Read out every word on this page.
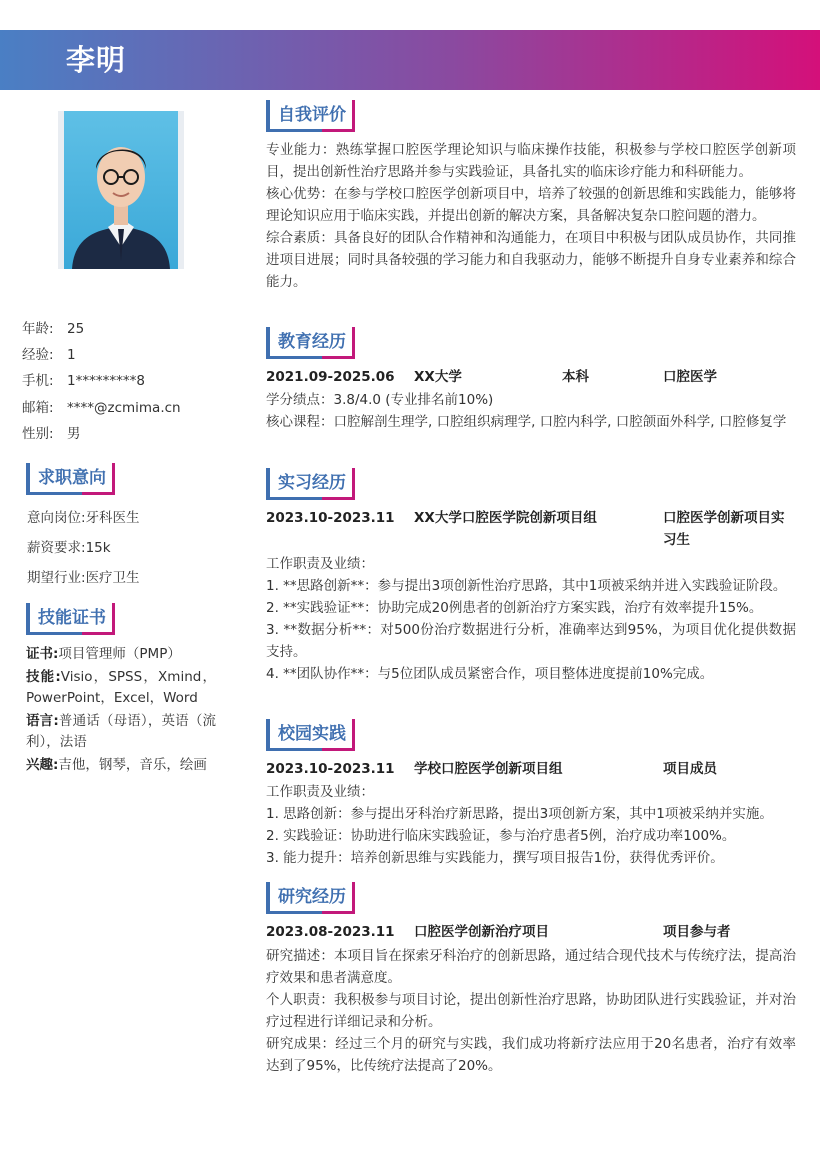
李明
年龄: 25
经验: 1
手机: 1*********8
邮箱: ****@zcmima.cn
性别: 男
求职意向
意向岗位:牙科医生
薪资要求:15k
期望行业:医疗卫生
技能证书
证书:项目管理师（PMP）
技能:Visio，SPSS，Xmind，PowerPoint，Excel，Word
语言:普通话（母语），英语（流利），法语
兴趣:吉他，钢琴，音乐，绘画
自我评价

专业能力：熟练掌握口腔医学理论知识与临床操作技能，积极参与学校口腔医学创新项目，提出创新性治疗思路并参与实践验证，具备扎实的临床诊疗能力和科研能力。

核心优势：在参与学校口腔医学创新项目中，培养了较强的创新思维和实践能力，能够将理论知识应用于临床实践，并提出创新的解决方案，具备解决复杂口腔问题的潜力。

综合素质：具备良好的团队合作精神和沟通能力，在项目中积极与团队成员协作，共同推进项目进展；同时具备较强的学习能力和自我驱动力，能够不断提升自身专业素养和综合能力。

教育经历
2021.09-2025.06 XX大学	本科	口腔医学

学分绩点：3.8/4.0 (专业排名前10%)

核心课程：口腔解剖生理学, 口腔组织病理学, 口腔内科学, 口腔颌面外科学, 口腔修复学

实习经历
2023.10-2023.11 XX大学口腔医学院创新项目组	口腔医学创新项目实习生

工作职责及业绩：

1. **思路创新**：参与提出3项创新性治疗思路，其中1项被采纳并进入实践验证阶段。

2. **实践验证**：协助完成20例患者的创新治疗方案实践，治疗有效率提升15%。

3. **数据分析**：对500份治疗数据进行分析，准确率达到95%，为项目优化提供数据支持。

4. **团队协作**：与5位团队成员紧密合作，项目整体进度提前10%完成。

校园实践
2023.10-2023.11 学校口腔医学创新项目组	项目成员

工作职责及业绩：

1. 思路创新：参与提出牙科治疗新思路，提出3项创新方案，其中1项被采纳并实施。

2. 实践验证：协助进行临床实践验证，参与治疗患者5例，治疗成功率100%。

3. 能力提升：培养创新思维与实践能力，撰写项目报告1份，获得优秀评价。

研究经历
2023.08-2023.11 口腔医学创新治疗项目	项目参与者

研究描述：本项目旨在探索牙科治疗的创新思路，通过结合现代技术与传统疗法，提高治疗效果和患者满意度。

个人职责：我积极参与项目讨论，提出创新性治疗思路，协助团队进行实践验证，并对治疗过程进行详细记录和分析。

研究成果：经过三个月的研究与实践，我们成功将新疗法应用于20名患者，治疗有效率达到了95%，比传统疗法提高了20%。
